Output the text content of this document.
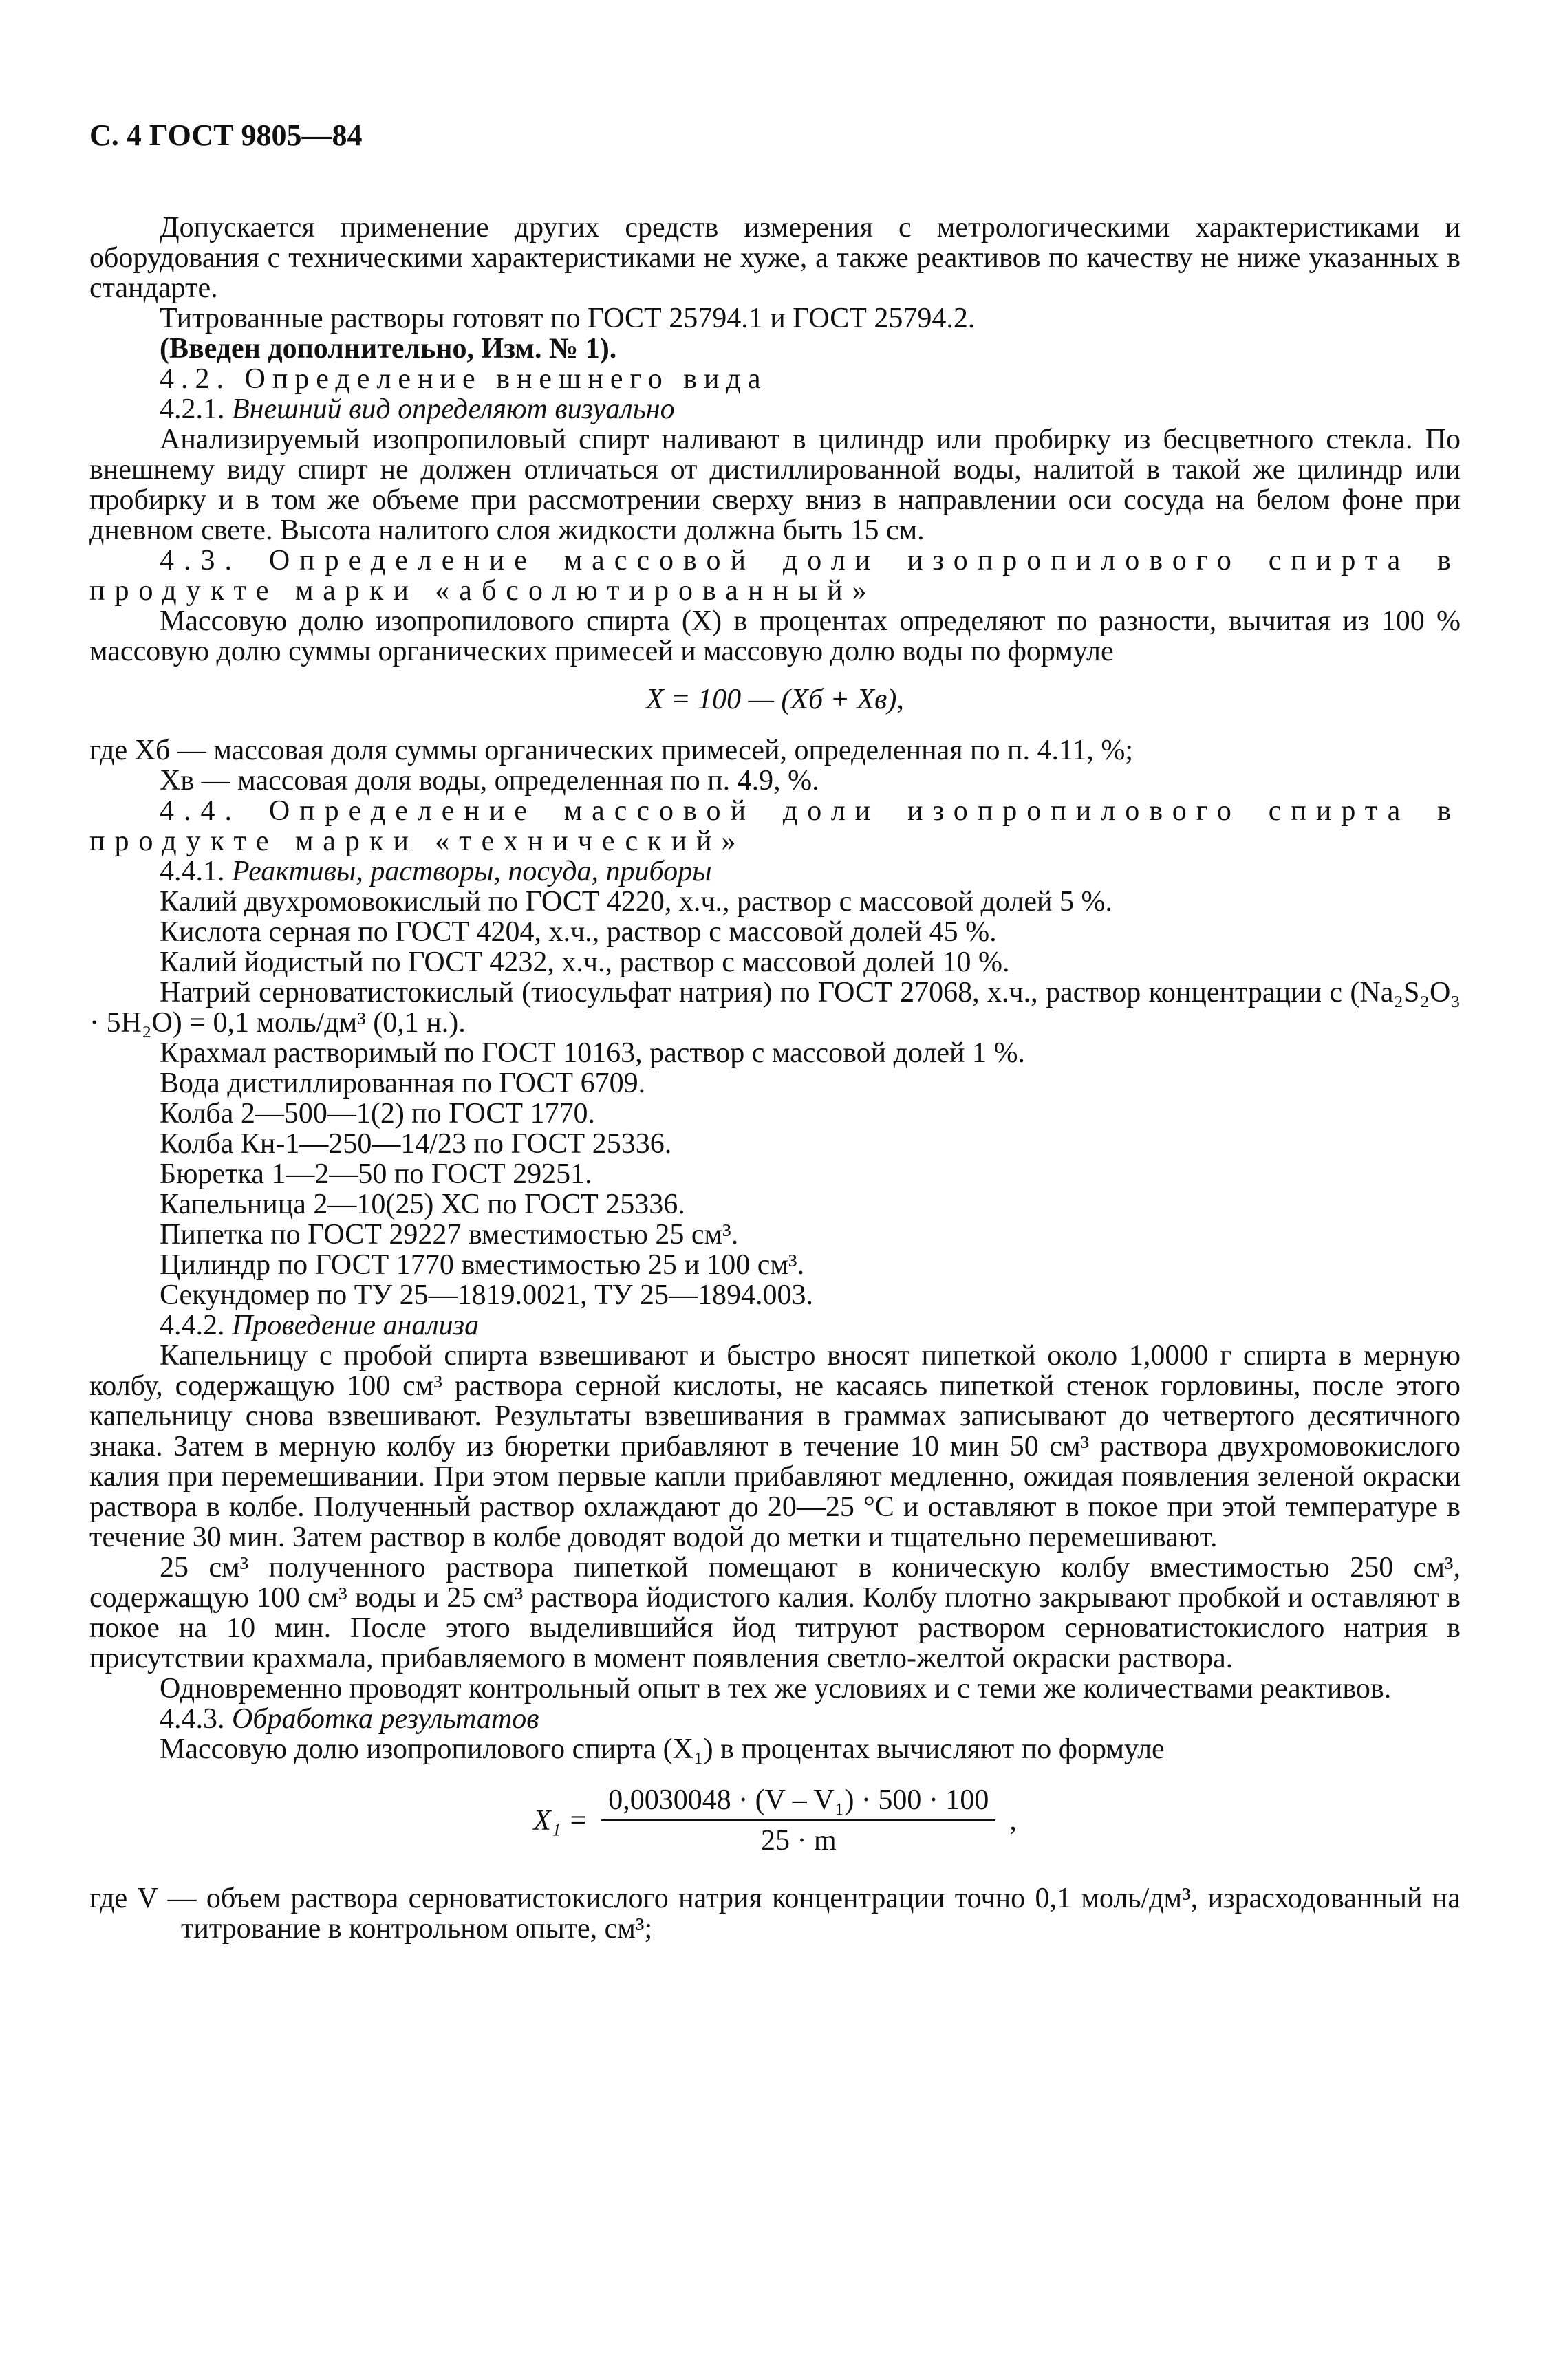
С. 4 ГОСТ 9805—84

Допускается применение других средств измерения с метрологическими характеристиками и оборудования с техническими характеристиками не хуже, а также реактивов по качеству не ниже указанных в стандарте.

Титрованные растворы готовят по ГОСТ 25794.1 и ГОСТ 25794.2.

(Введен дополнительно, Изм. № 1).

4.2. Определение внешнего вида

4.2.1. Внешний вид определяют визуально

Анализируемый изопропиловый спирт наливают в цилиндр или пробирку из бесцветного стекла. По внешнему виду спирт не должен отличаться от дистиллированной воды, налитой в такой же цилиндр или пробирку и в том же объеме при рассмотрении сверху вниз в направлении оси сосуда на белом фоне при дневном свете. Высота налитого слоя жидкости должна быть 15 см.

4.3. Определение массовой доли изопропилового спирта в продукте марки «абсолютированный»

Массовую долю изопропилового спирта (X) в процентах определяют по разности, вычитая из 100 % массовую долю суммы органических примесей и массовую долю воды по формуле

X = 100 — (Xб + Xв),

где Xб — массовая доля суммы органических примесей, определенная по п. 4.11, %;

Xв — массовая доля воды, определенная по п. 4.9, %.

4.4. Определение массовой доли изопропилового спирта в продукте марки «технический»

4.4.1. Реактивы, растворы, посуда, приборы

Калий двухромовокислый по ГОСТ 4220, х.ч., раствор с массовой долей 5 %.

Кислота серная по ГОСТ 4204, х.ч., раствор с массовой долей 45 %.

Калий йодистый по ГОСТ 4232, х.ч., раствор с массовой долей 10 %.

Натрий серноватистокислый (тиосульфат натрия) по ГОСТ 27068, х.ч., раствор концентрации c (Na₂S₂O₃ · 5H₂O) = 0,1 моль/дм³ (0,1 н.).

Крахмал растворимый по ГОСТ 10163, раствор с массовой долей 1 %.

Вода дистиллированная по ГОСТ 6709.

Колба 2—500—1(2) по ГОСТ 1770.

Колба Кн-1—250—14/23 по ГОСТ 25336.

Бюретка 1—2—50 по ГОСТ 29251.

Капельница 2—10(25) ХС по ГОСТ 25336.

Пипетка по ГОСТ 29227 вместимостью 25 см³.

Цилиндр по ГОСТ 1770 вместимостью 25 и 100 см³.

Секундомер по ТУ 25—1819.0021, ТУ 25—1894.003.

4.4.2. Проведение анализа

Капельницу с пробой спирта взвешивают и быстро вносят пипеткой около 1,0000 г спирта в мерную колбу, содержащую 100 см³ раствора серной кислоты, не касаясь пипеткой стенок горловины, после этого капельницу снова взвешивают. Результаты взвешивания в граммах записывают до четвертого десятичного знака. Затем в мерную колбу из бюретки прибавляют в течение 10 мин 50 см³ раствора двухромовокислого калия при перемешивании. При этом первые капли прибавляют медленно, ожидая появления зеленой окраски раствора в колбе. Полученный раствор охлаждают до 20—25 °С и оставляют в покое при этой температуре в течение 30 мин. Затем раствор в колбе доводят водой до метки и тщательно перемешивают.

25 см³ полученного раствора пипеткой помещают в коническую колбу вместимостью 250 см³, содержащую 100 см³ воды и 25 см³ раствора йодистого калия. Колбу плотно закрывают пробкой и оставляют в покое на 10 мин. После этого выделившийся йод титруют раствором серноватистокислого натрия в присутствии крахмала, прибавляемого в момент появления светло-желтой окраски раствора.

Одновременно проводят контрольный опыт в тех же условиях и с теми же количествами реактивов.

4.4.3. Обработка результатов

Массовую долю изопропилового спирта (X₁) в процентах вычисляют по формуле

$X_1 = \frac{\text{0,0030048 · (V – V₁) · 500 · 100}}{25 \cdot m}$ ,

где V — объем раствора серноватистокислого натрия концентрации точно 0,1 моль/дм³, израсходованный на титрование в контрольном опыте, см³;
